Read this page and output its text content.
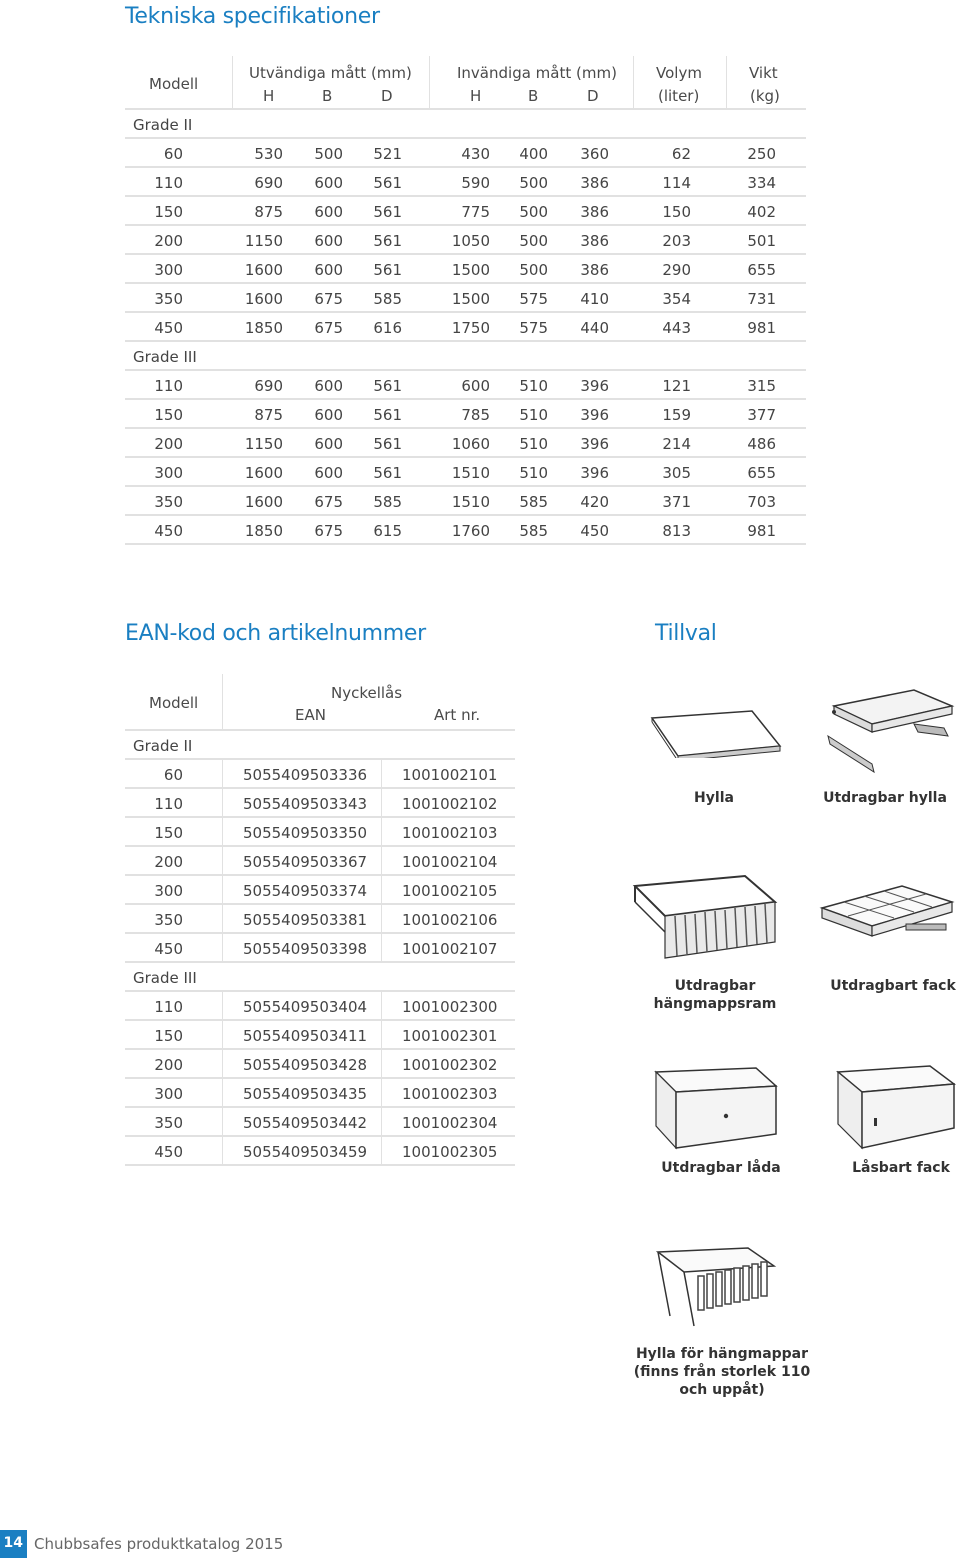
Tekniska specifikationer
Modell
Utvändiga mått (mm)
H	B	D
Invändiga mått (mm)
H	B	D
Volym
(liter)
Vikt
(kg)
Grade II
60	530	500	521	430	400	360	62	250
110	690	600	561	590	500	386	114	334
150	875	600	561	775	500	386	150	402
200	1150	600	561	1050	500	386	203	501
300	1600	600	561	1500	500	386	290	655
350	1600	675	585	1500	575	410	354	731
450	1850	675	616	1750	575	440	443	981
Grade III
110	690	600	561	600	510	396	121	315
150	875	600	561	785	510	396	159	377
200	1150	600	561	1060	510	396	214	486
300	1600	600	561	1510	510	396	305	655
350	1600	675	585	1510	585	420	371	703
450	1850	675	615	1760	585	450	813	981
EAN-kod och artikelnummer
Modell
Nyckellås
EAN	Art nr.
Grade II
60	5055409503336	1001002101
110	5055409503343	1001002102
150	5055409503350	1001002103
200	5055409503367	1001002104
300	5055409503374	1001002105
350	5055409503381	1001002106
450	5055409503398	1001002107
Grade III
110	5055409503404	1001002300
150	5055409503411	1001002301
200	5055409503428	1001002302
300	5055409503435	1001002303
350	5055409503442	1001002304
450	5055409503459	1001002305
Tillval
Hylla	Utdragbar hylla
Utdragbar
hängmappsram
Utdragbart fack
Utdragbar låda	Låsbart fack
Hylla för hängmappar
(finns från storlek 110
och uppåt)
14 Chubbsafes produktkatalog 2015
